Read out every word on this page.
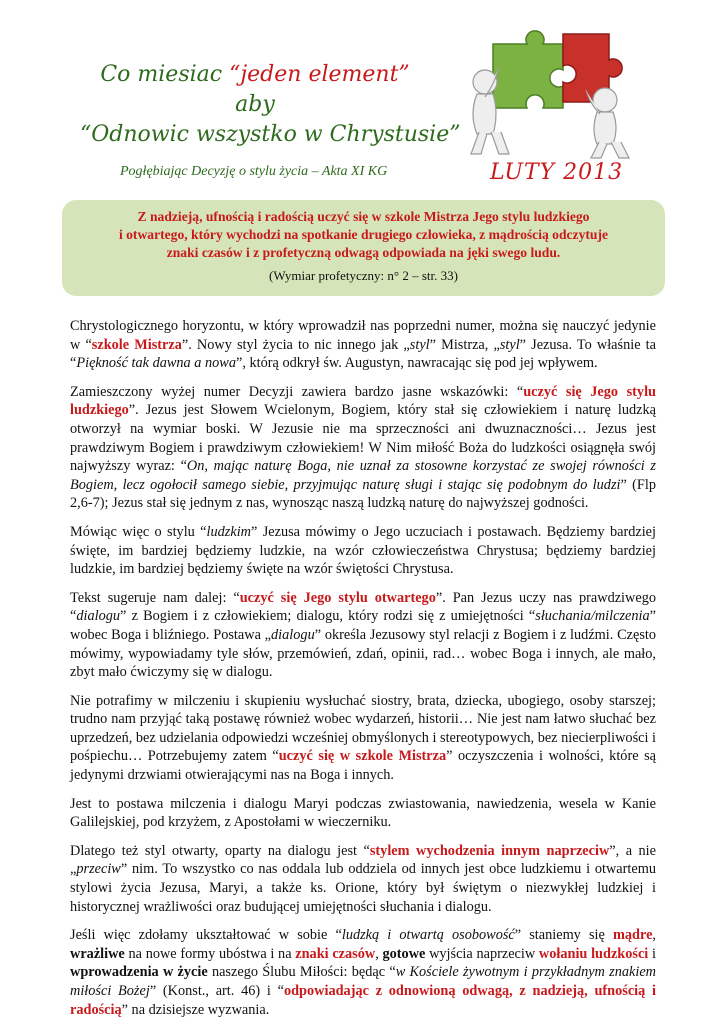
Co miesiac “jeden element”
aby
“Odnowic wszystko w Chrystusie”
Pogłębiając Decyzję o stylu życia – Akta XI KG	LUTY 2013
Z nadzieją, ufnością i radością uczyć się w szkole Mistrza Jego stylu ludzkiego
i otwartego, który wychodzi na spotkanie drugiego człowieka, z mądrością odczytuje
znaki czasów i z profetyczną odwagą odpowiada na jęki swego ludu.
(Wymiar profetyczny: n° 2 – str. 33)

Chrystologicznego horyzontu, w który wprowadził nas poprzedni numer, można się nauczyć jedynie w “szkole Mistrza”. Nowy styl życia to nic innego jak „styl” Mistrza, „styl” Jezusa. To właśnie ta “Piękność tak dawna a nowa”, którą odkrył św. Augustyn, nawracając się pod jej wpływem.

Zamieszczony wyżej numer Decyzji zawiera bardzo jasne wskazówki: “uczyć się Jego stylu ludzkiego”. Jezus jest Słowem Wcielonym, Bogiem, który stał się człowiekiem i naturę ludzką otworzył na wymiar boski. W Jezusie nie ma sprzeczności ani dwuznaczności… Jezus jest prawdziwym Bogiem i prawdziwym człowiekiem! W Nim miłość Boża do ludzkości osiągnęła swój najwyższy wyraz: “On, mając naturę Boga, nie uznał za stosowne korzystać ze swojej równości z Bogiem, lecz ogołocił samego siebie, przyjmując naturę sługi i stając się podobnym do ludzi” (Flp 2,6-7); Jezus stał się jednym z nas, wynosząc naszą ludzką naturę do najwyższej godności.

Mówiąc więc o stylu “ludzkim” Jezusa mówimy o Jego uczuciach i postawach. Będziemy bardziej święte, im bardziej będziemy ludzkie, na wzór człowieczeństwa Chrystusa; będziemy bardziej ludzkie, im bardziej będziemy święte na wzór świętości Chrystusa.

Tekst sugeruje nam dalej: “uczyć się Jego stylu otwartego”. Pan Jezus uczy nas prawdziwego “dialogu” z Bogiem i z człowiekiem; dialogu, który rodzi się z umiejętności “słuchania/milczenia” wobec Boga i bliźniego. Postawa „dialogu” określa Jezusowy styl relacji z Bogiem i z ludźmi. Często mówimy, wypowiadamy tyle słów, przemówień, zdań, opinii, rad… wobec Boga i innych, ale mało, zbyt mało ćwiczymy się w dialogu.

Nie potrafimy w milczeniu i skupieniu wysłuchać siostry, brata, dziecka, ubogiego, osoby starszej; trudno nam przyjąć taką postawę również wobec wydarzeń, historii… Nie jest nam łatwo słuchać bez uprzedzeń, bez udzielania odpowiedzi wcześniej obmyślonych i stereotypowych, bez niecierpliwości i pośpiechu… Potrzebujemy zatem “uczyć się w szkole Mistrza” oczyszczenia i wolności, które są jedynymi drzwiami otwierającymi nas na Boga i innych.

Jest to postawa milczenia i dialogu Maryi podczas zwiastowania, nawiedzenia, wesela w Kanie Galilejskiej, pod krzyżem, z Apostołami w wieczerniku.

Dlatego też styl otwarty, oparty na dialogu jest “stylem wychodzenia innym naprzeciw”, a nie „przeciw” nim. To wszystko co nas oddala lub oddziela od innych jest obce ludzkiemu i otwartemu stylowi życia Jezusa, Maryi, a także ks. Orione, który był świętym o niezwykłej ludzkiej i historycznej wrażliwości oraz budującej umiejętności słuchania i dialogu.

Jeśli więc zdołamy ukształtować w sobie “ludzką i otwartą osobowość” staniemy się mądre, wrażliwe na nowe formy ubóstwa i na znaki czasów, gotowe wyjścia naprzeciw wołaniu ludzkości i wprowadzenia w życie naszego Ślubu Miłości: będąc “w Kościele żywotnym i przykładnym znakiem miłości Bożej” (Konst., art. 46) i “odpowiadając z odnowioną odwagą, z nadzieją, ufnością i radością” na dzisiejsze wyzwania.
